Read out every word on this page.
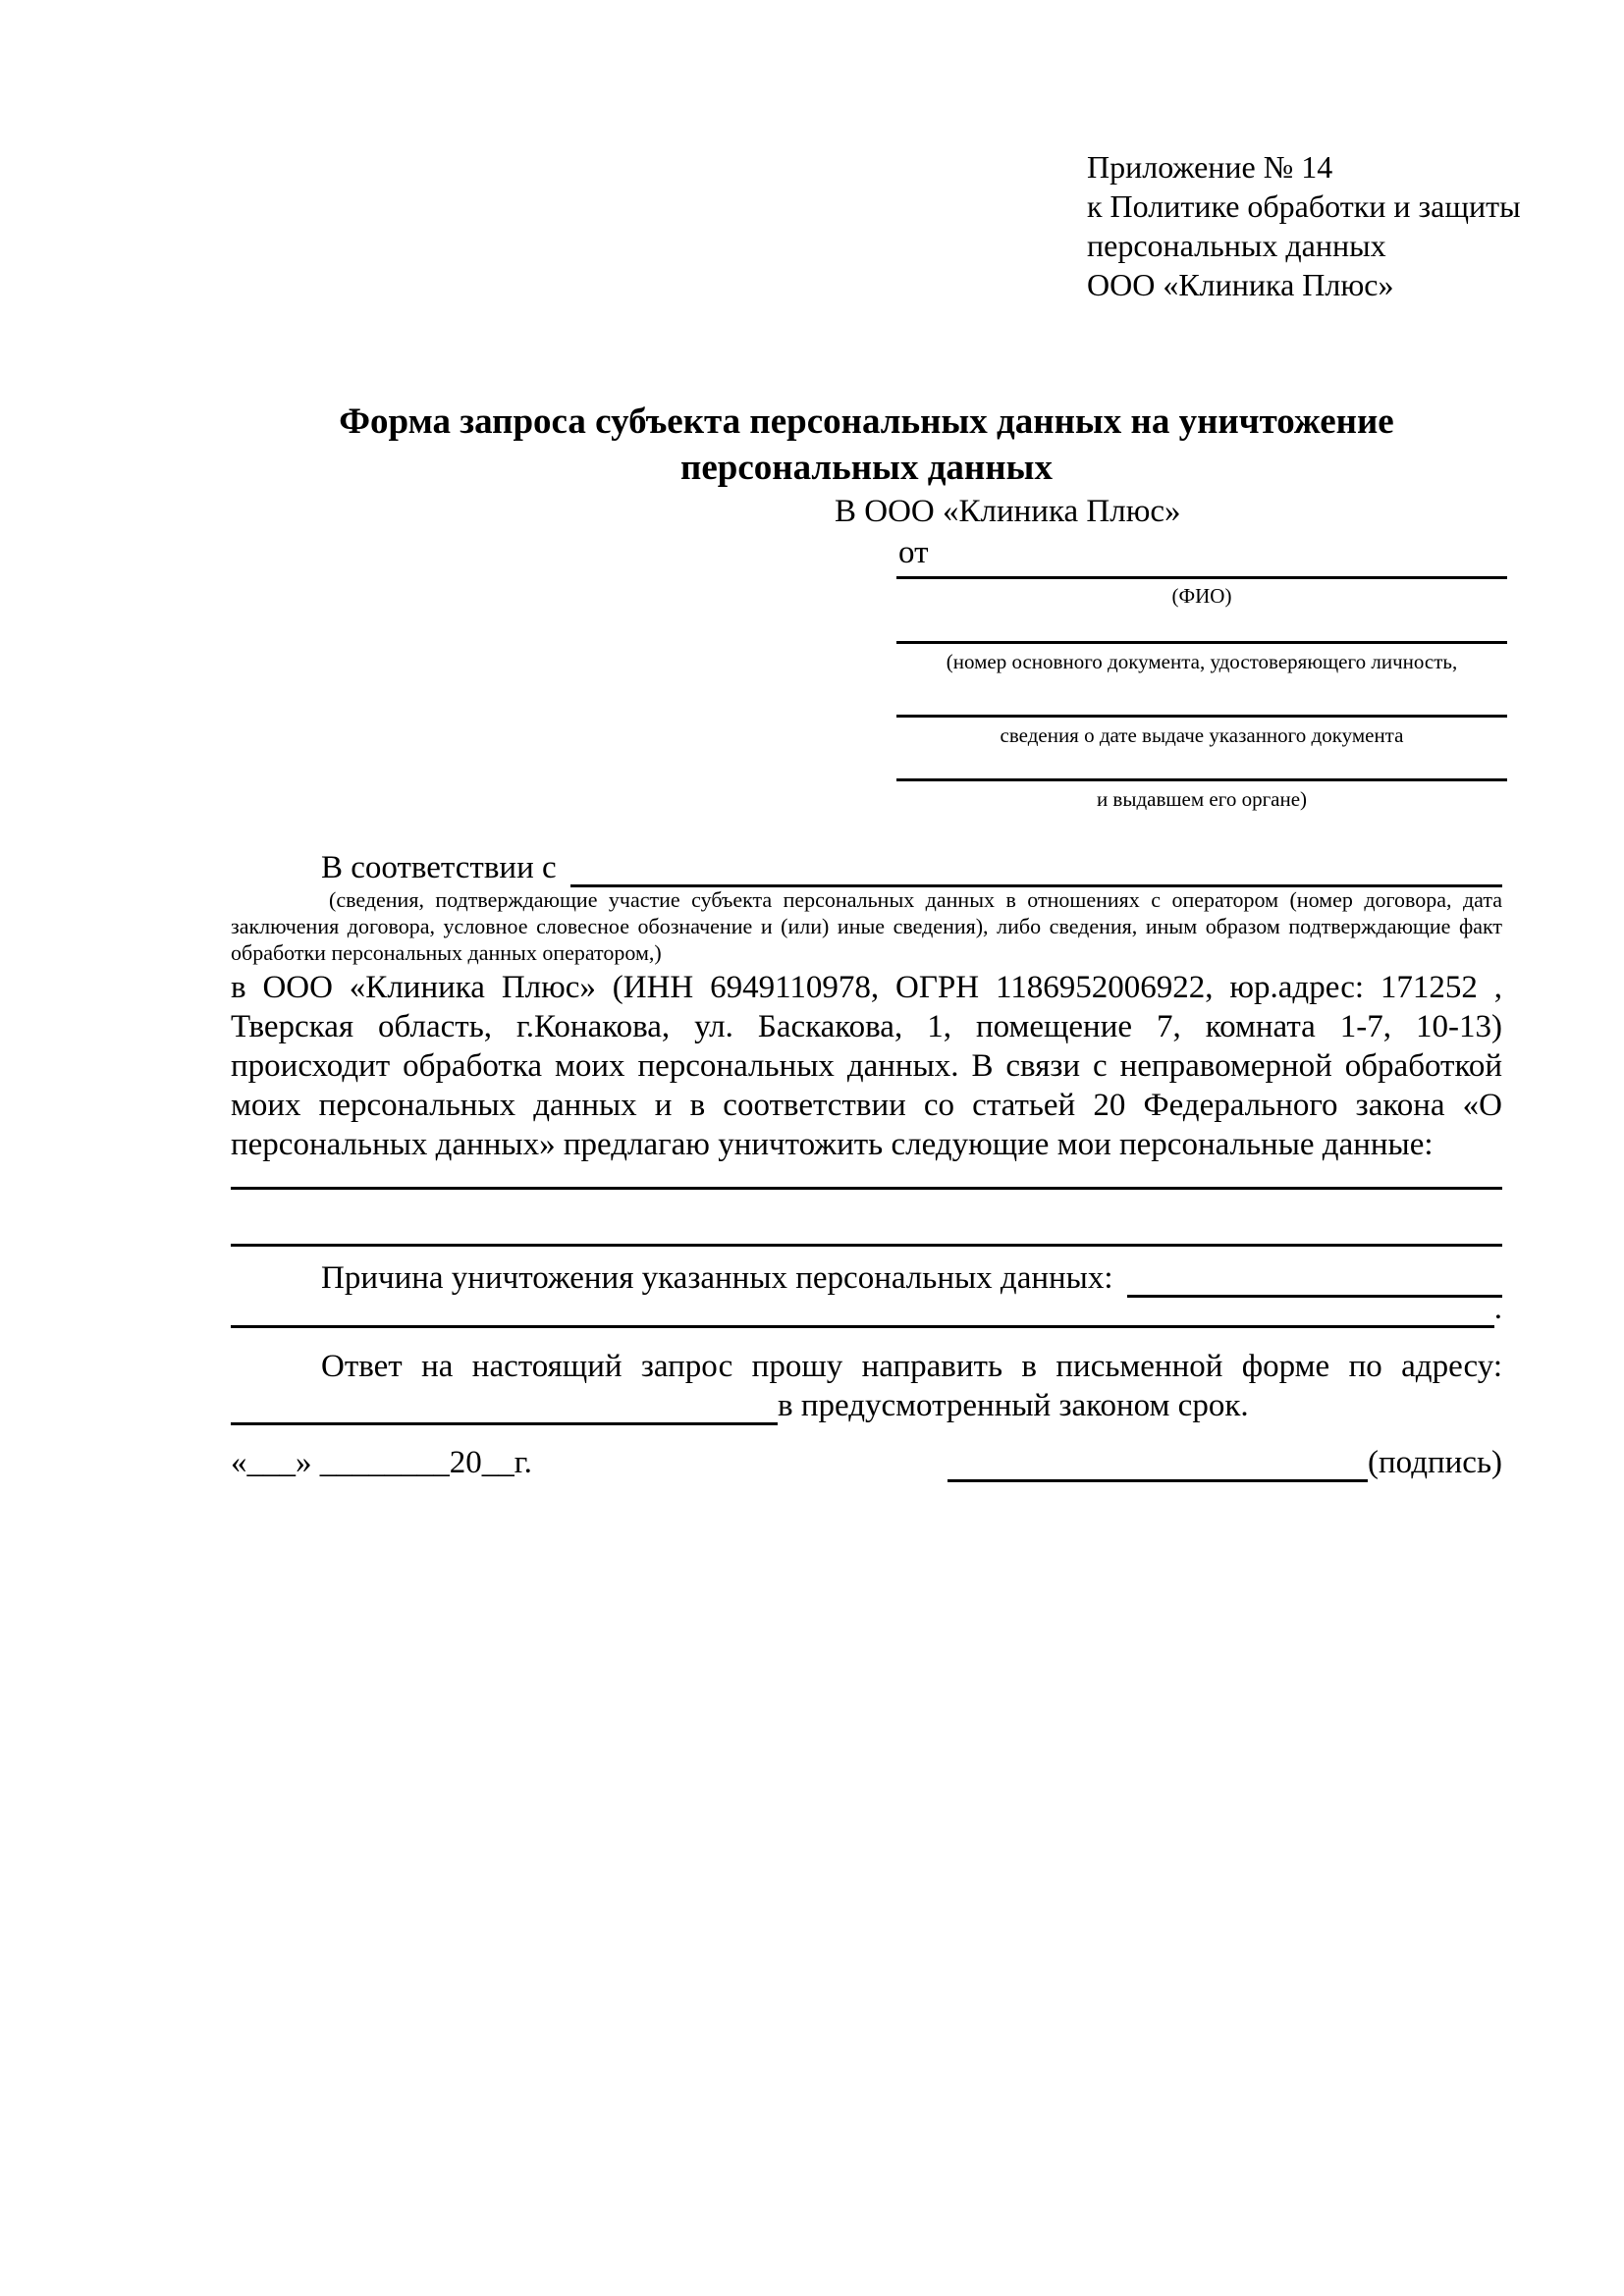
Приложение № 14
к Политике обработки и защиты
персональных данных
ООО «Клиника Плюс»
Форма запроса субъекта персональных данных на уничтожение
персональных данных
В ООО «Клиника Плюс»
от
(ФИО)
(номер основного документа, удостоверяющего личность,
сведения о дате выдаче указанного документа
и выдавшем его органе)
В соответствии с
(сведения, подтверждающие участие субъекта персональных данных в отношениях с оператором (номер договора, дата
заключения договора, условное словесное обозначение и (или) иные сведения), либо сведения, иным образом подтверждающие факт
обработки персональных данных оператором,)
в ООО «Клиника Плюс» (ИНН 6949110978, ОГРН 1186952006922, юр.адрес: 171252 ,
Тверская область, г.Конакова, ул. Баскакова, 1, помещение 7, комната 1-7, 10-13)
происходит обработка моих персональных данных. В связи с неправомерной обработкой
моих персональных данных и в соответствии со статьей 20 Федерального закона «О
персональных данных» предлагаю уничтожить следующие мои персональные данные:
Причина уничтожения указанных персональных данных:
.
Ответ на настоящий запрос прошу направить в письменной форме по адресу:
в предусмотренный законом срок.
«___» ________20__г.	(подпись)
